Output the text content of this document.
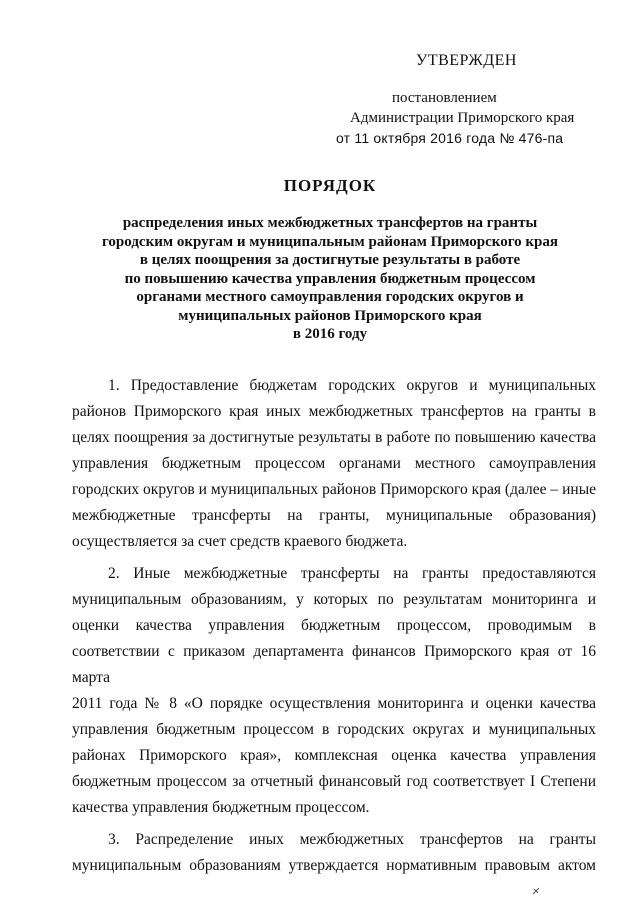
УТВЕРЖДЕН
постановлением
Администрации Приморского края
от 11 октября 2016 года № 476-па
ПОРЯДОК
распределения иных межбюджетных трансфертов на гранты
городским округам и муниципальным районам Приморского края
в целях поощрения за достигнутые результаты в работе
по повышению качества управления бюджетным процессом
органами местного самоуправления городских округов и
муниципальных районов Приморского края
в 2016 году
1. Предоставление бюджетам городских округов и муниципальных
районов Приморского края иных межбюджетных трансфертов на гранты в
целях поощрения за достигнутые результаты в работе по повышению качества
управления бюджетным процессом органами местного самоуправления
городских округов и муниципальных районов Приморского края (далее – иные
межбюджетные трансферты на гранты, муниципальные образования)
осуществляется за счет средств краевого бюджета.
2. Иные межбюджетные трансферты на гранты предоставляются
муниципальным образованиям, у которых по результатам мониторинга и
оценки качества управления бюджетным процессом, проводимым в
соответствии с приказом департамента финансов Приморского края от 16 марта
2011 года № 8 «О порядке осуществления мониторинга и оценки качества
управления бюджетным процессом в городских округах и муниципальных
районах Приморского края», комплексная оценка качества управления
бюджетным процессом за отчетный финансовый год соответствует I Степени
качества управления бюджетным процессом.
3. Распределение иных межбюджетных трансфертов на гранты
муниципальным образованиям утверждается нормативным правовым актом
